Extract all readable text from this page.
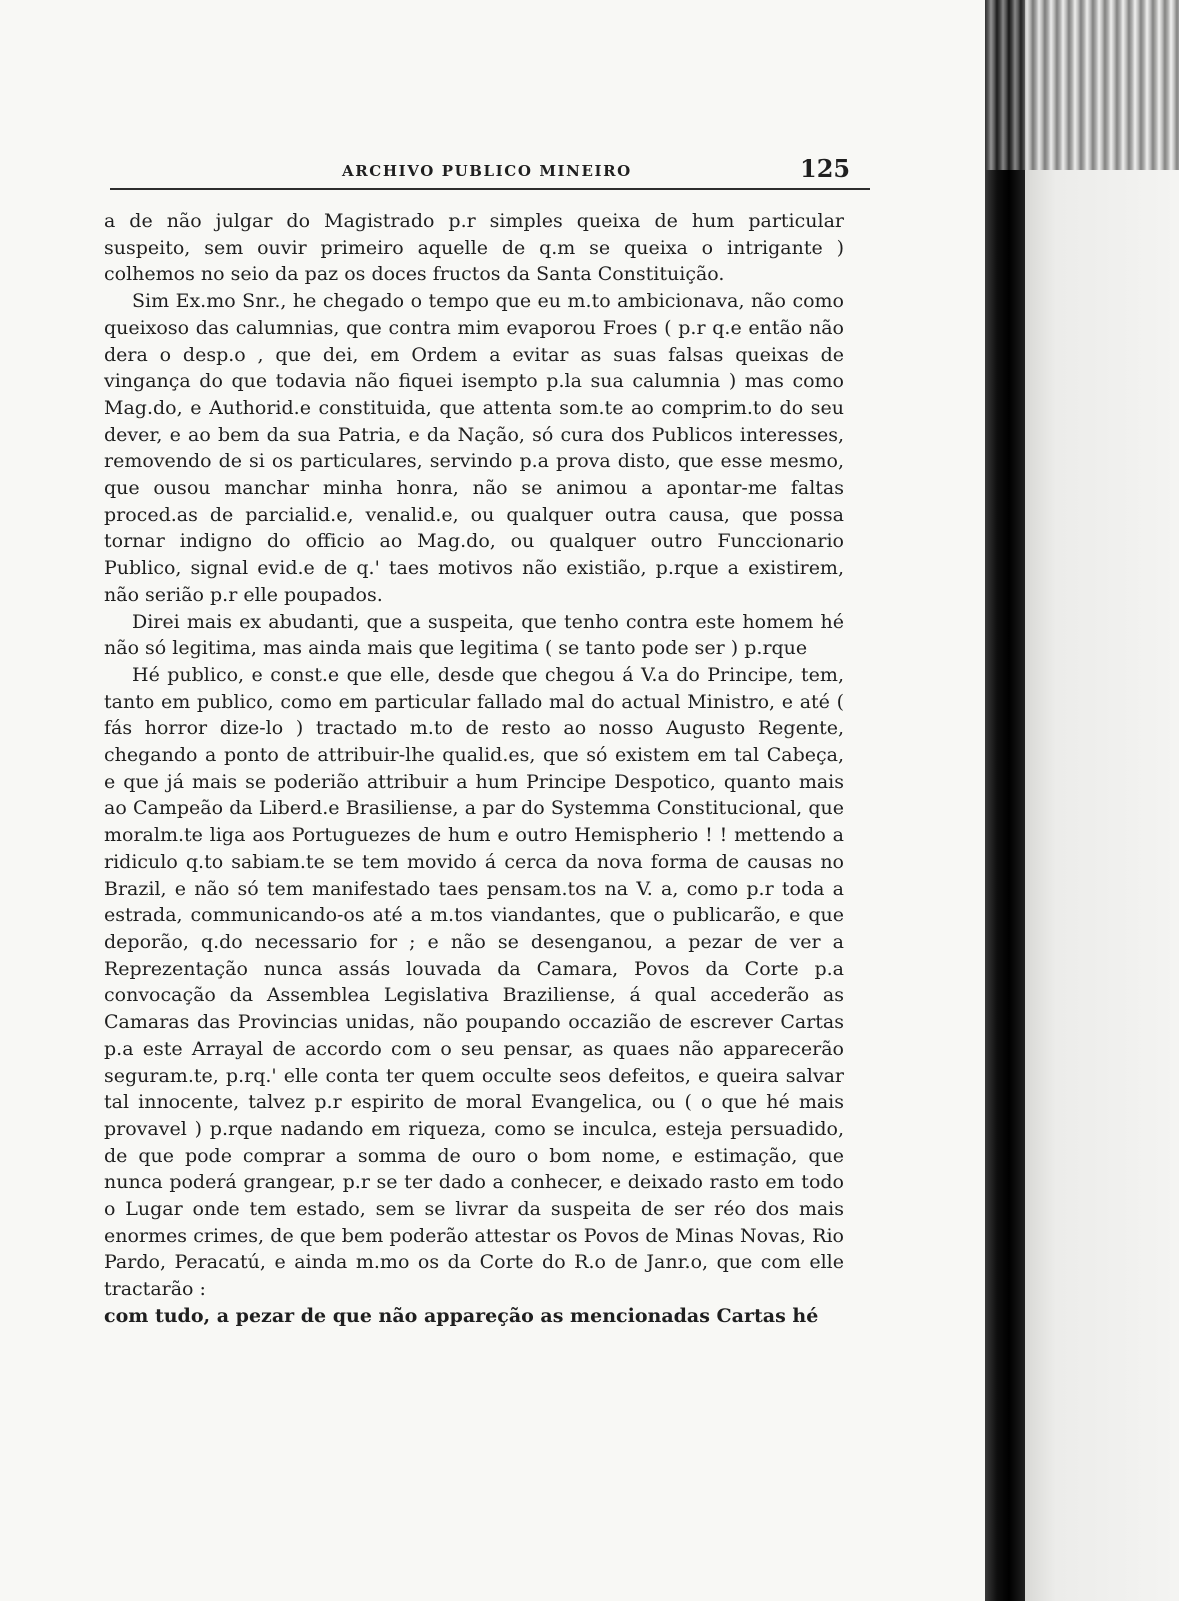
ARCHIVO PUBLICO MINEIRO	125

a de não julgar do Magistrado p.r simples queixa de hum particular suspeito, sem ouvir primeiro aquelle de q.m se queixa o intrigante ) colhemos no seio da paz os doces fructos da Santa Constituição.

Sim Ex.mo Snr., he chegado o tempo que eu m.to ambicionava, não como queixoso das calumnias, que contra mim evaporou Froes ( p.r q.e então não dera o desp.o , que dei, em Ordem a evitar as suas falsas queixas de vingança do que todavia não fiquei isempto p.la sua calumnia ) mas como Mag.do, e Authorid.e constituida, que attenta som.te ao comprim.to do seu dever, e ao bem da sua Patria, e da Nação, só cura dos Publicos interesses, removendo de si os particulares, servindo p.a prova disto, que esse mesmo, que ousou manchar minha honra, não se animou a apontar-me faltas proced.as de parcialid.e, venalid.e, ou qualquer outra causa, que possa tornar indigno do officio ao Mag.do, ou qualquer outro Funccionario Publico, signal evid.e de q.' taes motivos não existião, p.rque a existirem, não serião p.r elle poupados.

Direi mais ex abudanti, que a suspeita, que tenho contra este homem hé não só legitima, mas ainda mais que legitima ( se tanto pode ser ) p.rque

Hé publico, e const.e que elle, desde que chegou á V.a do Principe, tem, tanto em publico, como em particular fallado mal do actual Ministro, e até ( fás horror dize-lo ) tractado m.to de resto ao nosso Augusto Regente, chegando a ponto de attribuir-lhe qualid.es, que só existem em tal Cabeça, e que já mais se poderião attribuir a hum Principe Despotico, quanto mais ao Campeão da Liberd.e Brasiliense, a par do Systemma Constitucional, que moralm.te liga aos Portuguezes de hum e outro Hemispherio ! ! mettendo a ridiculo q.to sabiam.te se tem movido á cerca da nova forma de causas no Brazil, e não só tem manifestado taes pensam.tos na V. a, como p.r toda a estrada, communicando-os até a m.tos viandantes, que o publicarão, e que deporão, q.do necessario for ; e não se desenganou, a pezar de ver a Reprezentação nunca assás louvada da Camara, Povos da Corte p.a convocação da Assemblea Legislativa Braziliense, á qual accederão as Camaras das Provincias unidas, não poupando occazião de escrever Cartas p.a este Arrayal de accordo com o seu pensar, as quaes não apparecerão seguram.te, p.rq.' elle conta ter quem occulte seos defeitos, e queira salvar tal innocente, talvez p.r espirito de moral Evangelica, ou ( o que hé mais provavel ) p.rque nadando em riqueza, como se inculca, esteja persuadido, de que pode comprar a somma de ouro o bom nome, e estimação, que nunca poderá grangear, p.r se ter dado a conhecer, e deixado rasto em todo o Lugar onde tem estado, sem se livrar da suspeita de ser réo dos mais enormes crimes, de que bem poderão attestar os Povos de Minas Novas, Rio Pardo, Peracatú, e ainda m.mo os da Corte do R.o de Janr.o, que com elle tractarão :

com tudo, a pezar de que não appareção as mencionadas Cartas hé
